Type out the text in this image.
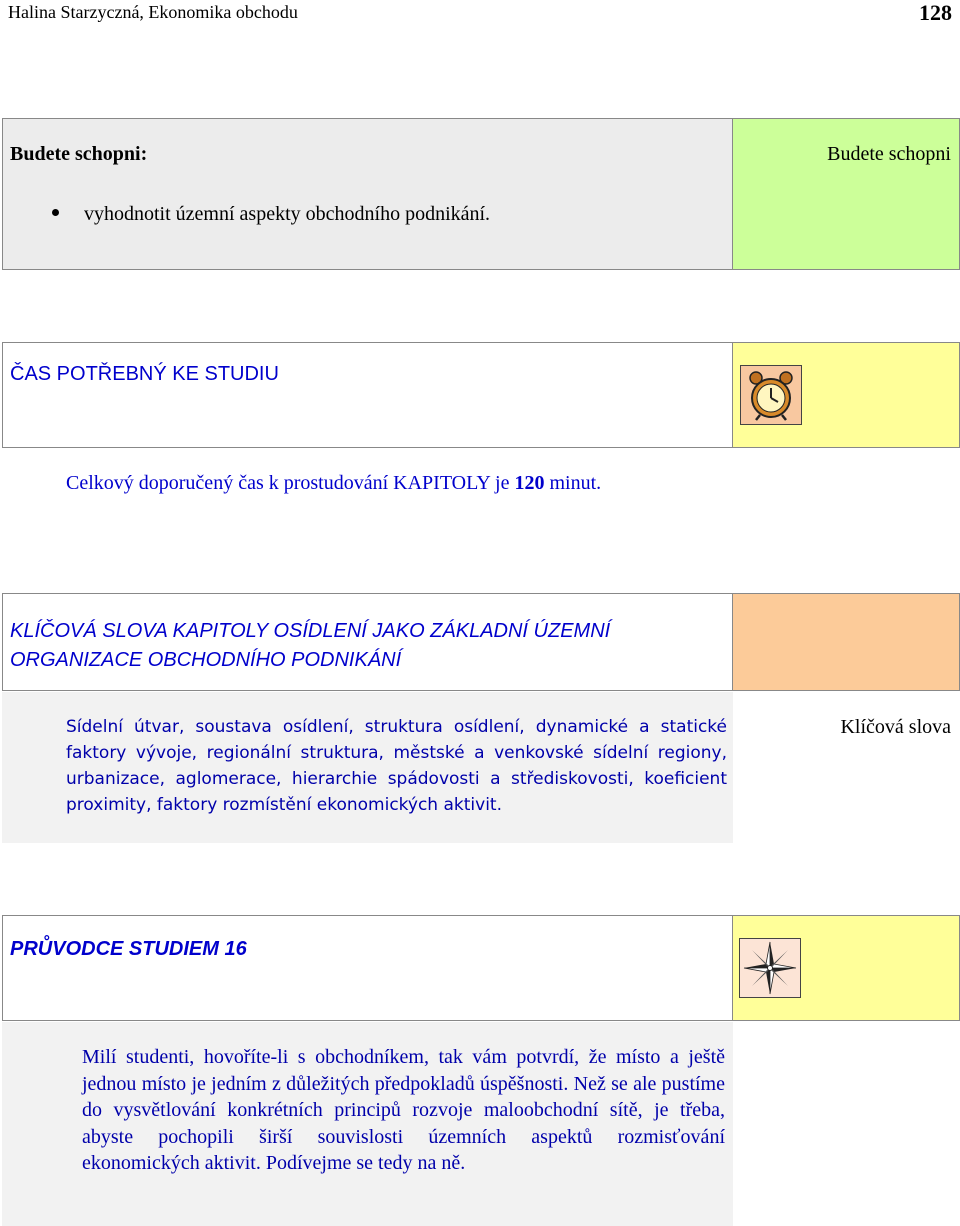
Halina Starzyczná, Ekonomika obchodu	128
Budete schopni:
vyhodnotit územní aspekty obchodního podnikání.
Budete schopni
ČAS POTŘEBNÝ KE STUDIU
Celkový doporučený čas k prostudování KAPITOLY je 120 minut.
KLÍČOVÁ SLOVA KAPITOLY OSÍDLENÍ JAKO ZÁKLADNÍ ÚZEMNÍ ORGANIZACE OBCHODNÍHO PODNIKÁNÍ
Sídelní útvar, soustava osídlení, struktura osídlení, dynamické a statické faktory vývoje, regionální struktura, městské a venkovské sídelní regiony, urbanizace, aglomerace, hierarchie spádovosti a střediskovosti, koeficient proximity, faktory rozmístění ekonomických aktivit.
Klíčová slova
PRŮVODCE STUDIEM 16
Milí studenti, hovoříte-li s obchodníkem, tak vám potvrdí, že místo a ještě jednou místo je jedním z důležitých předpokladů úspěšnosti. Než se ale pustíme do vysvětlování konkrétních principů rozvoje maloobchodní sítě, je třeba, abyste pochopili širší souvislosti územních aspektů rozmisťování ekonomických aktivit. Podívejme se tedy na ně.
